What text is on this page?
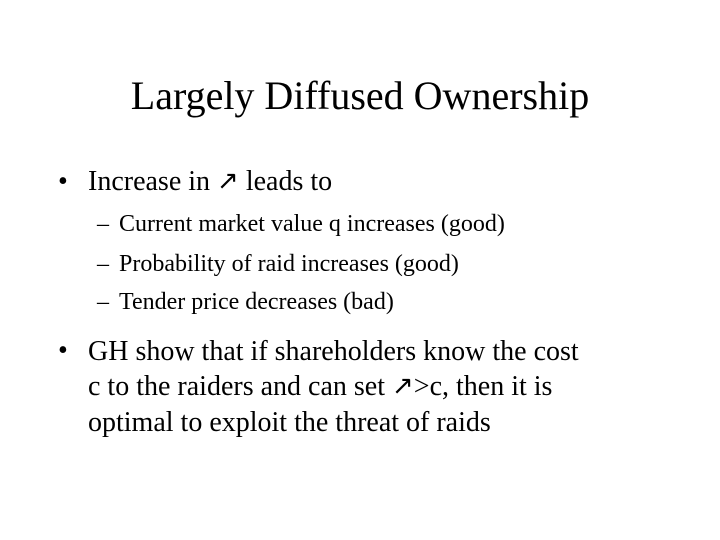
Largely Diffused Ownership
• Increase in ↗ leads to
– Current market value q increases (good)
– Probability of raid increases (good)
– Tender price decreases (bad)
• GH show that if shareholders know the cost
c to the raiders and can set ↗>c, then it is
optimal to exploit the threat of raids
